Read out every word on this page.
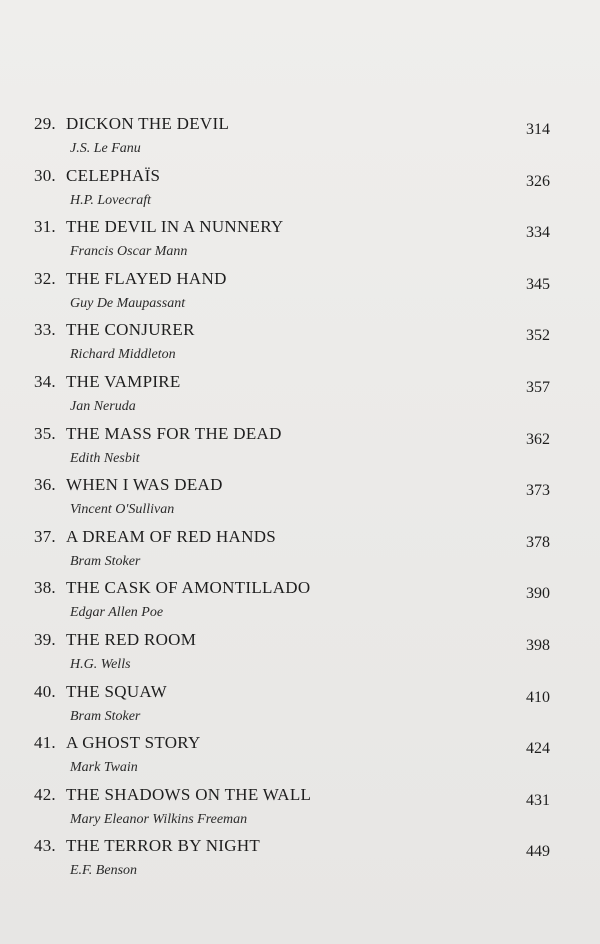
29. DICKON THE DEVIL	314
J.S. Le Fanu
30. CELEPHAÏS	326
H.P. Lovecraft
31. THE DEVIL IN A NUNNERY	334
Francis Oscar Mann
32. THE FLAYED HAND	345
Guy De Maupassant
33. THE CONJURER	352
Richard Middleton
34. THE VAMPIRE	357
Jan Neruda
35. THE MASS FOR THE DEAD	362
Edith Nesbit
36. WHEN I WAS DEAD	373
Vincent O'Sullivan
37. A DREAM OF RED HANDS	378
Bram Stoker
38. THE CASK OF AMONTILLADO	390
Edgar Allen Poe
39. THE RED ROOM	398
H.G. Wells
40. THE SQUAW	410
Bram Stoker
41. A GHOST STORY	424
Mark Twain
42. THE SHADOWS ON THE WALL	431
Mary Eleanor Wilkins Freeman
43. THE TERROR BY NIGHT	449
E.F. Benson
